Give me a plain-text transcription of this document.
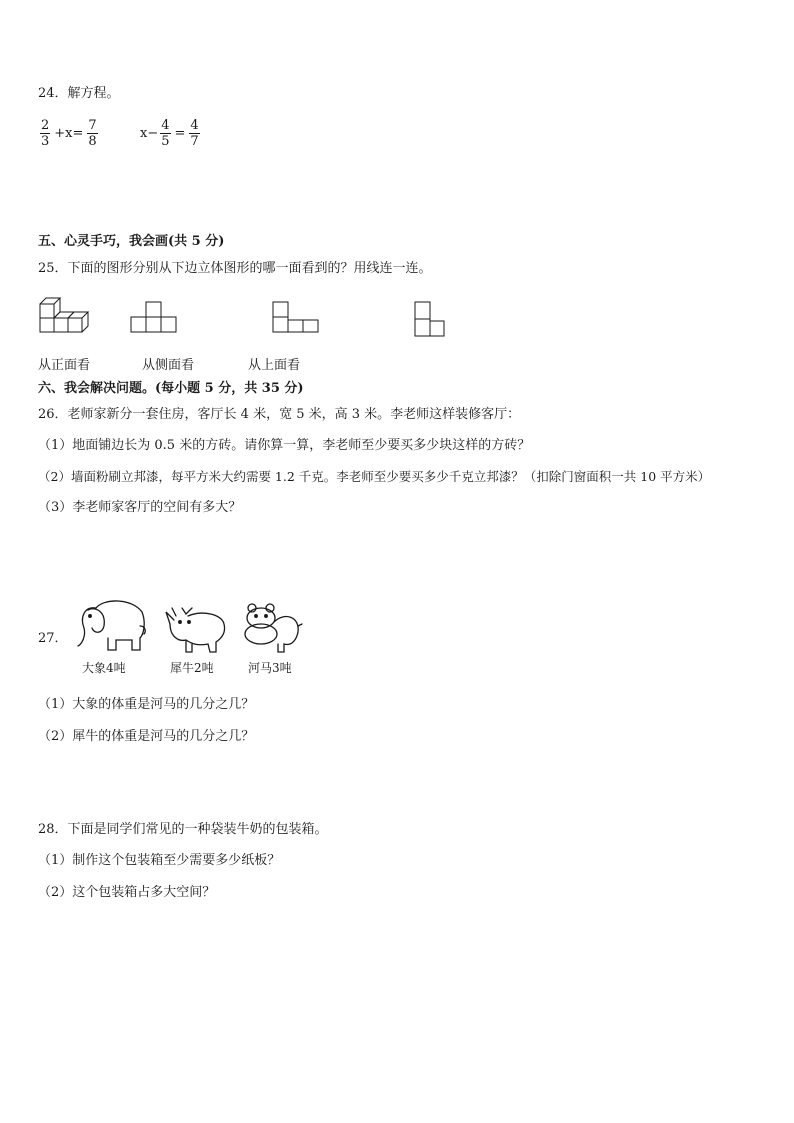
24．解方程。
$\frac{2}{3} +x= \frac{7}{8}$	$x- \frac{4}{5} = \frac{4}{7}$
五、心灵手巧，我会画(共 5 分)
25．下面的图形分别从下边立体图形的哪一面看到的？用线连一连。
从正面看	从侧面看	从上面看
六、我会解决问题。(每小题 5 分，共 35 分)
26．老师家新分一套住房，客厅长 4 米，宽 5 米，高 3 米。李老师这样装修客厅：
（1）地面铺边长为 0.5 米的方砖。请你算一算，李老师至少要买多少块这样的方砖？
（2）墙面粉刷立邦漆，每平方米大约需要 1.2 千克。李老师至少要买多少千克立邦漆？（扣除门窗面积一共 10 平方米）
（3）李老师家客厅的空间有多大？
27．
大象4吨	犀牛2吨	河马3吨
（1）大象的体重是河马的几分之几？
（2）犀牛的体重是河马的几分之几？
28．下面是同学们常见的一种袋装牛奶的包装箱。
（1）制作这个包装箱至少需要多少纸板？
（2）这个包装箱占多大空间？
